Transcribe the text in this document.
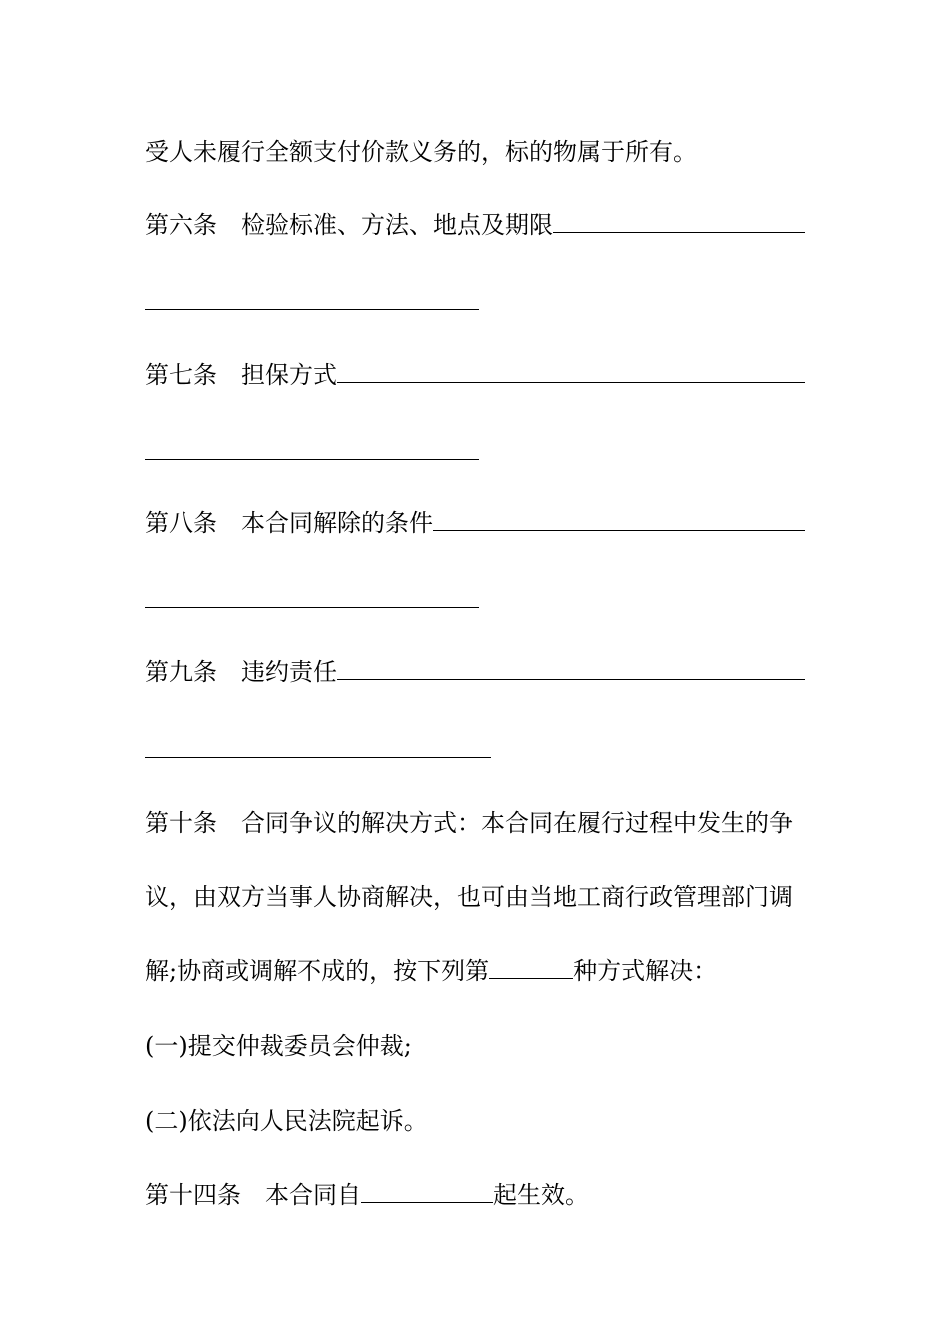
受人未履行全额支付价款义务的，标的物属于所有。
第六条 检验标准、方法、地点及期限
第七条 担保方式
第八条 本合同解除的条件
第九条 违约责任
第十条 合同争议的解决方式：本合同在履行过程中发生的争
议，由双方当事人协商解决，也可由当地工商行政管理部门调
解;协商或调解不成的，按下列第	种方式解决：
(一)提交仲裁委员会仲裁;
(二)依法向人民法院起诉。
第十四条 本合同自	起生效。
